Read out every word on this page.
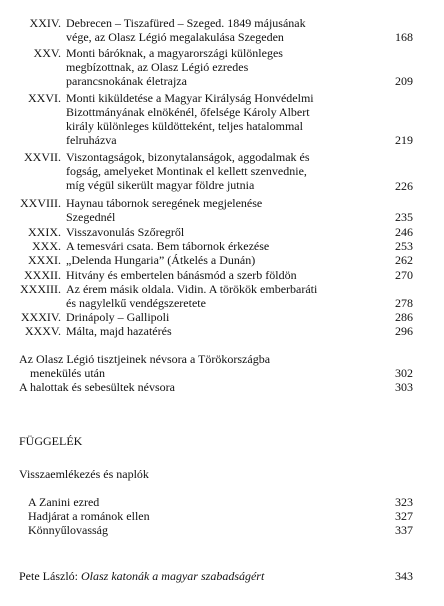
XXIV. Debrecen – Tiszafüred – Szeged. 1849 májusának
vége, az Olasz Légió megalakulása Szegeden	168
XXV. Monti báróknak, a magyarországi különleges
megbízottnak, az Olasz Légió ezredes
parancsnokának életrajza	209
XXVI. Monti kiküldetése a Magyar Királyság Honvédelmi
Bizottmányának elnökénél, őfelsége Károly Albert
király különleges küldötteként, teljes hatalommal
felruházva	219
XXVII. Viszontagságok, bizonytalanságok, aggodalmak és
fogság, amelyeket Montinak el kellett szenvednie,
míg végül sikerült magyar földre jutnia	226
XXVIII. Haynau tábornok seregének megjelenése
Szegednél	235
XXIX. Visszavonulás Szőregről	246
XXX. A temesvári csata. Bem tábornok érkezése	253
XXXI. „Delenda Hungaria” (Átkelés a Dunán)	262
XXXII. Hitvány és embertelen bánásmód a szerb földön	270
XXXIII. Az érem másik oldala. Vidin. A törökök emberbaráti
és nagylelkű vendégszeretete	278
XXXIV. Drinápoly – Gallipoli	286
XXXV. Málta, majd hazatérés	296
Az Olasz Légió tisztjeinek névsora a Törökországba
menekülés után	302
A halottak és sebesültek névsora	303
FÜGGELÉK
Visszaemlékezés és naplók
A Zanini ezred	323
Hadjárat a románok ellen	327
Könnyűlovasság	337
Pete László: Olasz katonák a magyar szabadságért	343
